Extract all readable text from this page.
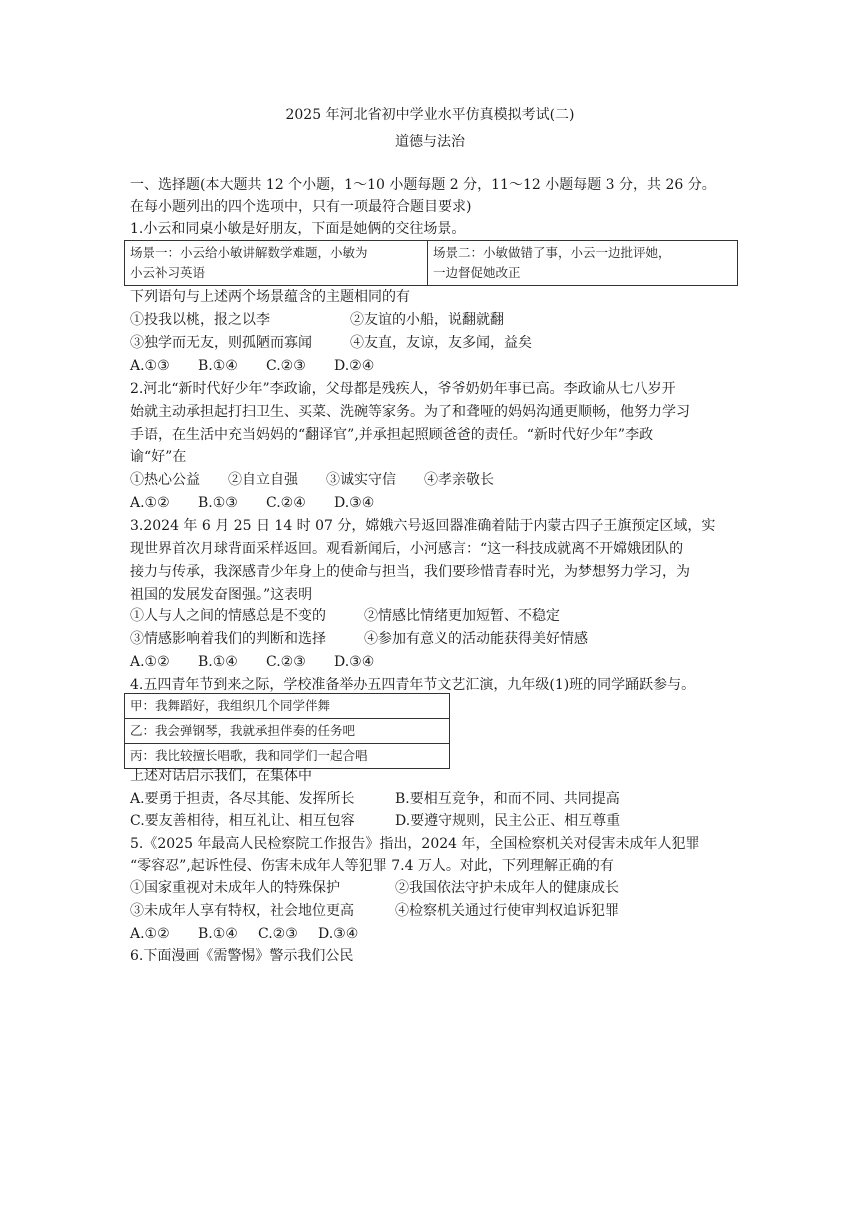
2025 年河北省初中学业水平仿真模拟考试(二)
道德与法治
一、选择题(本大题共 12 个小题，1～10 小题每题 2 分，11～12 小题每题 3 分，共 26 分。
在每小题列出的四个选项中，只有一项最符合题目要求)
1.小云和同桌小敏是好朋友，下面是她俩的交往场景。
场景一：小云给小敏讲解数学难题，小敏为
小云补习英语

场景二：小敏做错了事，小云一边批评她，
一边督促她改正
下列语句与上述两个场景蕴含的主题相同的有
①投我以桃，报之以李	②友谊的小船，说翻就翻
③独学而无友，则孤陋而寡闻	④友直，友谅，友多闻，益矣
A.①③ B.①④ C.②③ D.②④
2.河北“新时代好少年”李政谕，父母都是残疾人，爷爷奶奶年事已高。李政谕从七八岁开
始就主动承担起打扫卫生、买菜、洗碗等家务。为了和聋哑的妈妈沟通更顺畅，他努力学习
手语，在生活中充当妈妈的“翻译官”,并承担起照顾爸爸的责任。“新时代好少年”李政
谕“好”在
①热心公益 ②自立自强 ③诚实守信 ④孝亲敬长
A.①② B.①③ C.②④ D.③④
3.2024 年 6 月 25 日 14 时 07 分，嫦娥六号返回器准确着陆于内蒙古四子王旗预定区域，实
现世界首次月球背面采样返回。观看新闻后，小河感言：“这一科技成就离不开嫦娥团队的
接力与传承，我深感青少年身上的使命与担当，我们要珍惜青春时光，为梦想努力学习，为
祖国的发展发奋图强。”这表明
①人与人之间的情感总是不变的	②情感比情绪更加短暂、不稳定
③情感影响着我们的判断和选择	④参加有意义的活动能获得美好情感
A.①② B.①④ C.②③ D.③④
4.五四青年节到来之际，学校准备举办五四青年节文艺汇演，九年级(1)班的同学踊跃参与。
甲：我舞蹈好，我组织几个同学伴舞
乙：我会弹钢琴，我就承担伴奏的任务吧
丙：我比较擅长唱歌，我和同学们一起合唱
上述对话启示我们，在集体中
A.要勇于担责，各尽其能、发挥所长	B.要相互竞争，和而不同、共同提高
C.要友善相待，相互礼让、相互包容	D.要遵守规则，民主公正、相互尊重
5.《2025 年最高人民检察院工作报告》指出，2024 年，全国检察机关对侵害未成年人犯罪
“零容忍”,起诉性侵、伤害未成年人等犯罪 7.4 万人。对此，下列理解正确的有
①国家重视对未成年人的特殊保护	②我国依法守护未成年人的健康成长
③未成年人享有特权，社会地位更高	④检察机关通过行使审判权追诉犯罪
A.①② B.①④ C.②③ D.③④
6.下面漫画《需警惕》警示我们公民
